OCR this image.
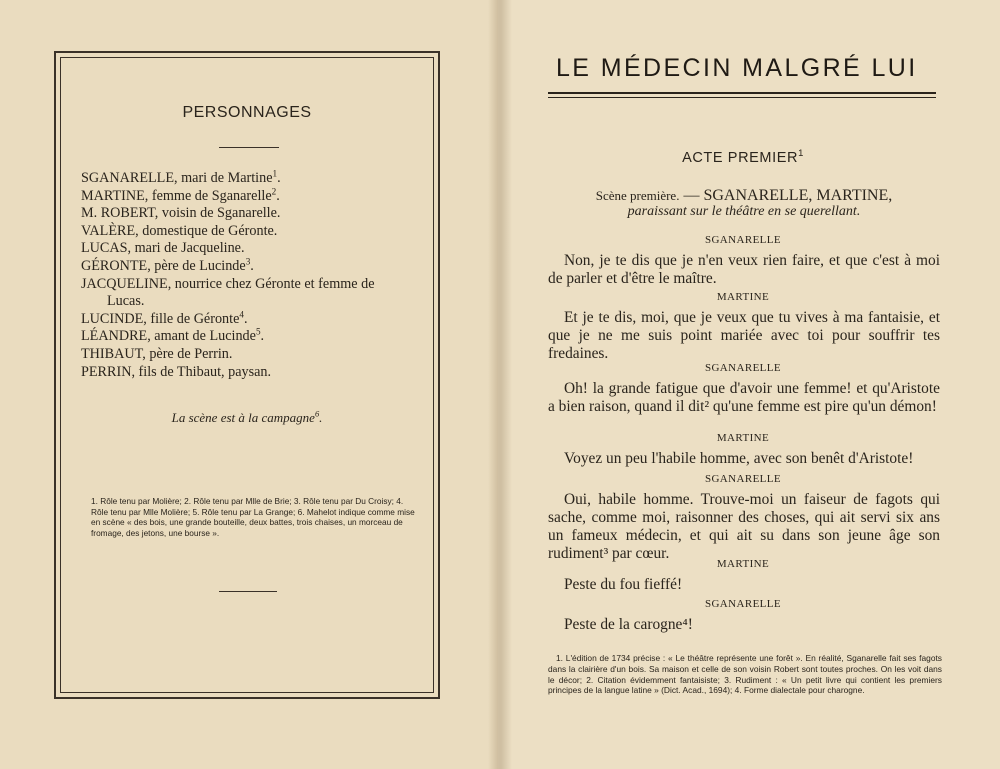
PERSONNAGES
SGANARELLE, mari de Martine$^1$.
MARTINE, femme de Sganarelle$^2$.
M. ROBERT, voisin de Sganarelle.
VALÈRE, domestique de Géronte.
LUCAS, mari de Jacqueline.
GÉRONTE, père de Lucinde$^3$.
JACQUELINE, nourrice chez Géronte et femme de
Lucas.
LUCINDE, fille de Géronte$^4$.
LÉANDRE, amant de Lucinde$^5$.
THIBAUT, père de Perrin.
PERRIN, fils de Thibaut, paysan.
La scène est à la campagne$^6$.
1. Rôle tenu par Molière; 2. Rôle tenu par Mlle de Brie; 3. Rôle tenu par Du Croisy; 4. Rôle tenu par Mlle Molière; 5. Rôle tenu par La Grange; 6. Mahelot indique comme mise en scène « des bois, une grande bouteille, deux battes, trois chaises, un morceau de fromage, des jetons, une bourse ».
LE MÉDECIN MALGRÉ LUI
ACTE PREMIER$^1$
Scène première. — SGANARELLE, MARTINE,
paraissant sur le théâtre en se querellant.
SGANARELLE
Non, je te dis que je n'en veux rien faire, et que c'est à moi de parler et d'être le maître.
MARTINE
Et je te dis, moi, que je veux que tu vives à ma fantaisie, et que je ne me suis point mariée avec toi pour souffrir tes fredaines.
SGANARELLE
Oh! la grande fatigue que d'avoir une femme! et qu'Aristote a bien raison, quand il dit² qu'une femme est pire qu'un démon!
MARTINE
Voyez un peu l'habile homme, avec son benêt d'Aristote!
SGANARELLE
Oui, habile homme. Trouve-moi un faiseur de fagots qui sache, comme moi, raisonner des choses, qui ait servi six ans un fameux médecin, et qui ait su dans son jeune âge son rudiment³ par cœur.
MARTINE
Peste du fou fieffé!
SGANARELLE
Peste de la carogne⁴!
1. L'édition de 1734 précise : « Le théâtre représente une forêt ». En réalité, Sganarelle fait ses fagots dans la clairière d'un bois. Sa maison et celle de son voisin Robert sont toutes proches. On les voit dans le décor; 2. Citation évidemment fantaisiste; 3. Rudiment : « Un petit livre qui contient les premiers principes de la langue latine » (Dict. Acad., 1694); 4. Forme dialectale pour charogne.
